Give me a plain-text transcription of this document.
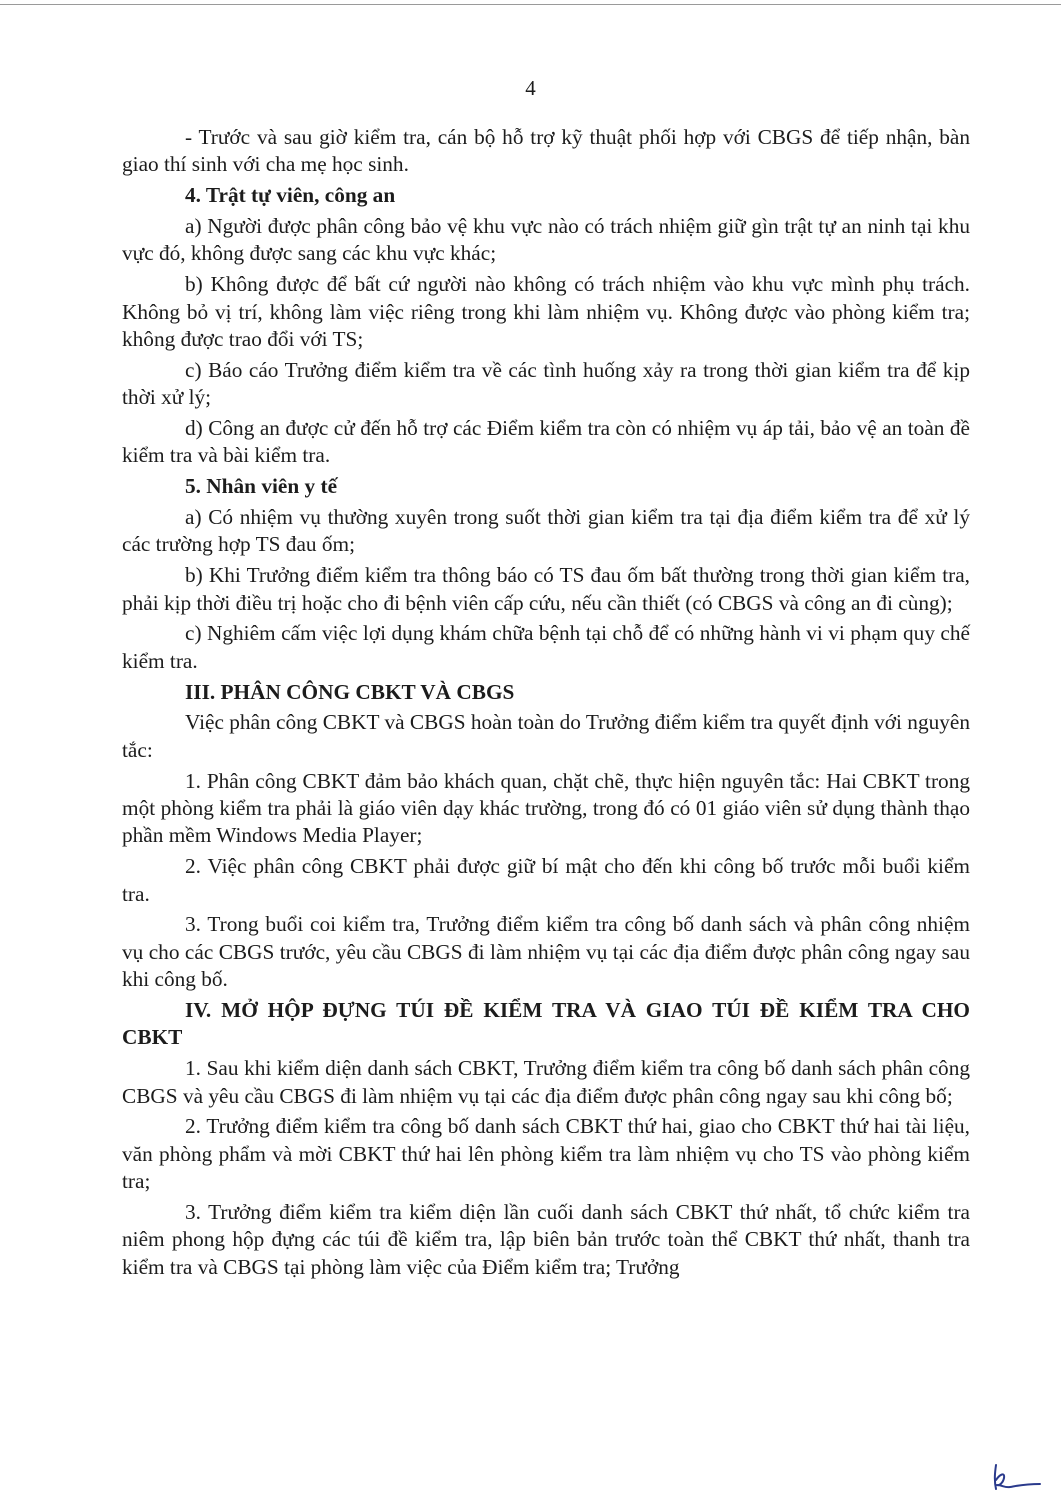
4

- Trước và sau giờ kiểm tra, cán bộ hỗ trợ kỹ thuật phối hợp với CBGS để tiếp nhận, bàn giao thí sinh với cha mẹ học sinh.

4. Trật tự viên, công an

a) Người được phân công bảo vệ khu vực nào có trách nhiệm giữ gìn trật tự an ninh tại khu vực đó, không được sang các khu vực khác;

b) Không được để bất cứ người nào không có trách nhiệm vào khu vực mình phụ trách. Không bỏ vị trí, không làm việc riêng trong khi làm nhiệm vụ. Không được vào phòng kiểm tra; không được trao đổi với TS;

c) Báo cáo Trưởng điểm kiểm tra về các tình huống xảy ra trong thời gian kiểm tra để kịp thời xử lý;

d) Công an được cử đến hỗ trợ các Điểm kiểm tra còn có nhiệm vụ áp tải, bảo vệ an toàn đề kiểm tra và bài kiểm tra.

5. Nhân viên y tế

a) Có nhiệm vụ thường xuyên trong suốt thời gian kiểm tra tại địa điểm kiểm tra để xử lý các trường hợp TS đau ốm;

b) Khi Trưởng điểm kiểm tra thông báo có TS đau ốm bất thường trong thời gian kiểm tra, phải kịp thời điều trị hoặc cho đi bệnh viên cấp cứu, nếu cần thiết (có CBGS và công an đi cùng);

c) Nghiêm cấm việc lợi dụng khám chữa bệnh tại chỗ để có những hành vi vi phạm quy chế kiểm tra.

III. PHÂN CÔNG CBKT VÀ CBGS

Việc phân công CBKT và CBGS hoàn toàn do Trưởng điểm kiểm tra quyết định với nguyên tắc:

1. Phân công CBKT đảm bảo khách quan, chặt chẽ, thực hiện nguyên tắc: Hai CBKT trong một phòng kiểm tra phải là giáo viên dạy khác trường, trong đó có 01 giáo viên sử dụng thành thạo phần mềm Windows Media Player;

2. Việc phân công CBKT phải được giữ bí mật cho đến khi công bố trước mỗi buổi kiểm tra.

3. Trong buổi coi kiểm tra, Trưởng điểm kiểm tra công bố danh sách và phân công nhiệm vụ cho các CBGS trước, yêu cầu CBGS đi làm nhiệm vụ tại các địa điểm được phân công ngay sau khi công bố.

IV. MỞ HỘP ĐỰNG TÚI ĐỀ KIỂM TRA VÀ GIAO TÚI ĐỀ KIỂM TRA CHO CBKT

1. Sau khi kiểm diện danh sách CBKT, Trưởng điểm kiểm tra công bố danh sách phân công CBGS và yêu cầu CBGS đi làm nhiệm vụ tại các địa điểm được phân công ngay sau khi công bố;

2. Trưởng điểm kiểm tra công bố danh sách CBKT thứ hai, giao cho CBKT thứ hai tài liệu, văn phòng phẩm và mời CBKT thứ hai lên phòng kiểm tra làm nhiệm vụ cho TS vào phòng kiểm tra;

3. Trưởng điểm kiểm tra kiểm diện lần cuối danh sách CBKT thứ nhất, tổ chức kiểm tra niêm phong hộp đựng các túi đề kiểm tra, lập biên bản trước toàn thể CBKT thứ nhất, thanh tra kiểm tra và CBGS tại phòng làm việc của Điểm kiểm tra; Trưởng
